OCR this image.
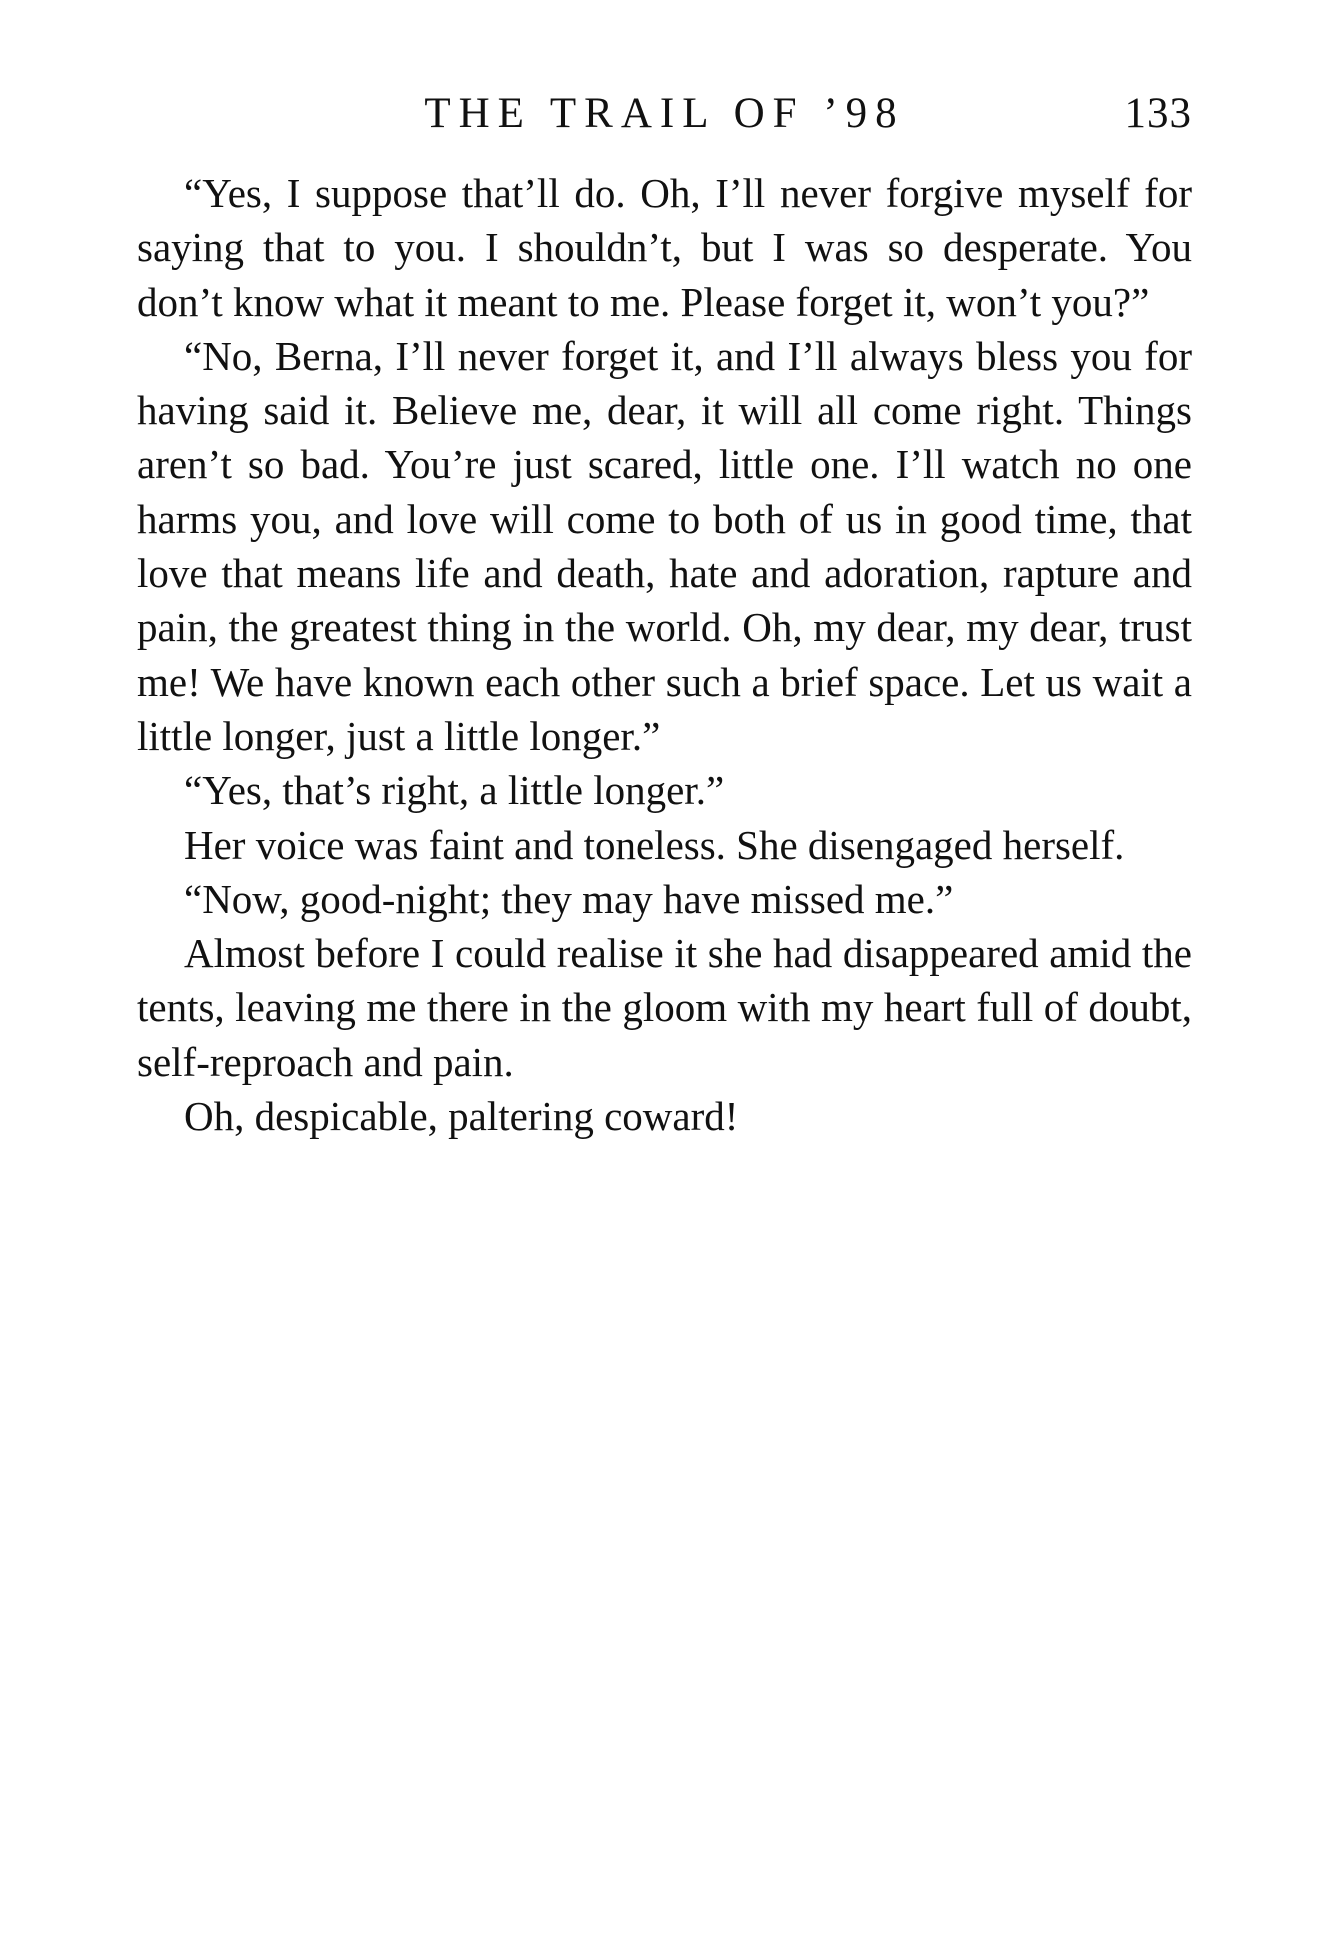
THE TRAIL OF ’98	133

“Yes, I suppose that’ll do. Oh, I’ll never forgive myself for saying that to you. I shouldn’t, but I was so desperate. You don’t know what it meant to me. Please forget it, won’t you?”

“No, Berna, I’ll never forget it, and I’ll always bless you for having said it. Believe me, dear, it will all come right. Things aren’t so bad. You’re just scared, little one. I’ll watch no one harms you, and love will come to both of us in good time, that love that means life and death, hate and adoration, rapture and pain, the greatest thing in the world. Oh, my dear, my dear, trust me! We have known each other such a brief space. Let us wait a little longer, just a little longer.”

“Yes, that’s right, a little longer.”

Her voice was faint and toneless. She disengaged herself.

“Now, good-night; they may have missed me.”

Almost before I could realise it she had disappeared amid the tents, leaving me there in the gloom with my heart full of doubt, self-reproach and pain.

Oh, despicable, paltering coward!
